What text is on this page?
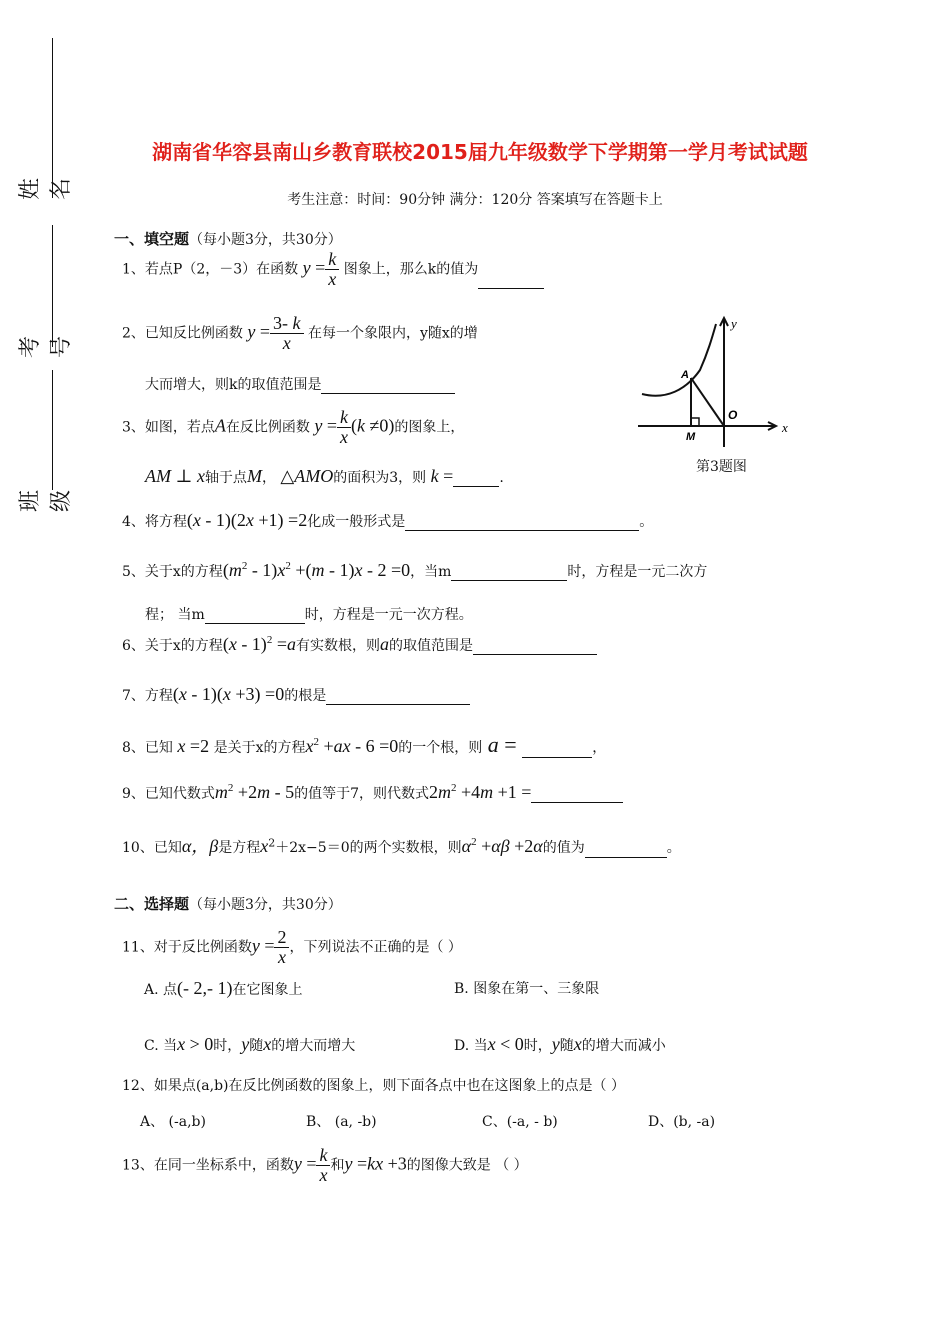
姓名
考号
班级
湖南省华容县南山乡教育联校2015届九年级数学下学期第一学月考试试题
考生注意：时间：90分钟 满分：120分 答案填写在答题卡上
一、填空题（每小题3分，共30分）
1、若点P（2，－3）在函数 $y = \frac{k}{x}$ 图象上，那么k的值为
2、已知反比例函数 $y = \frac{3- k}{x}$ 在每一个象限内，y随x的增
大而增大，则k的取值范围是
y
x
A
O
M
第3题图
3、如图，若点A在反比例函数 $y = \frac{k}{x} (k \ne 0)$的图象上，
AM ⊥ x轴于点M， △AMO的面积为3，则 k =	.
4、将方程(x - 1)(2x +1) =2化成一般形式是	。
5、关于x的方程$(m^2 - 1)x^2 +(m - 1)x - 2 =0$，当m	时，方程是一元二次方
程； 当m	时，方程是一元一次方程。
6、关于x的方程(x - 1)$^2$ =a有实数根，则a的取值范围是
7、方程(x - 1)(x +3) =0的根是
8、已知 x =2 是关于x的方程$x^2 +ax - 6 =0$的一个根，则 a =	，
9、已知代数式$m^2 +2m - 5$的值等于7，则代数式$2m^2 +4m +1$ =
10、已知α，β是方程$x^2+2x-5=0$的两个实数根，则$\alpha^2 +\alpha\beta +2\alpha$的值为	。
二、选择题（每小题3分，共30分）
11、对于反比例函数$y = \frac{2}{x}$ ，下列说法不正确的是（ ）
A. 点(- 2,- 1)在它图象上	B. 图象在第一、三象限
C. 当x > 0时，y随x的增大而增大	D. 当x < 0时，y随x的增大而减小
12、如果点(a,b)在反比例函数的图象上，则下面各点中也在这图象上的点是（ ）
A、 (-a,b)	B、 (a, -b)	C、(-a, - b)	D、(b, -a)
13、在同一坐标系中，函数$y = \frac{k}{x}$ 和y =kx +3的图像大致是 （ ）
